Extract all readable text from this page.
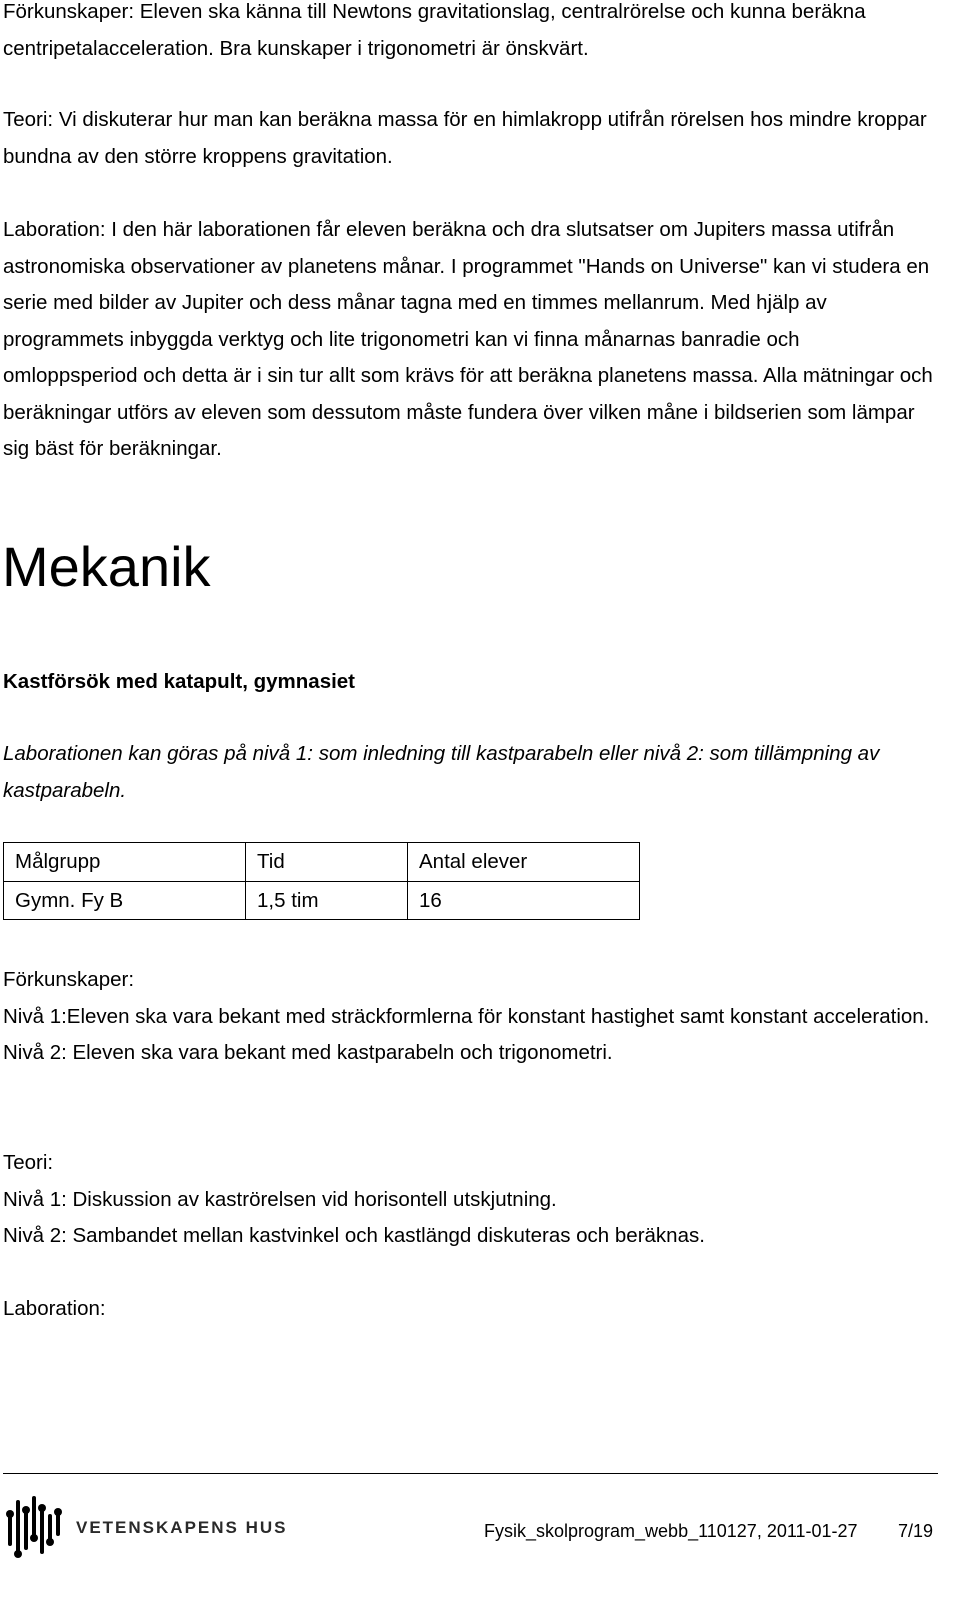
Förkunskaper: Eleven ska känna till Newtons gravitationslag, centralrörelse och kunna beräkna centripetalacceleration. Bra kunskaper i trigonometri är önskvärt.

Teori: Vi diskuterar hur man kan beräkna massa för en himlakropp utifrån rörelsen hos mindre kroppar bundna av den större kroppens gravitation.

Laboration: I den här laborationen får eleven beräkna och dra slutsatser om Jupiters massa utifrån astronomiska observationer av planetens månar. I programmet "Hands on Universe" kan vi studera en serie med bilder av Jupiter och dess månar tagna med en timmes mellanrum. Med hjälp av programmets inbyggda verktyg och lite trigonometri kan vi finna månarnas banradie och omloppsperiod och detta är i sin tur allt som krävs för att beräkna planetens massa. Alla mätningar och beräkningar utförs av eleven som dessutom måste fundera över vilken måne i bildserien som lämpar sig bäst för beräkningar.

Mekanik
Kastförsök med katapult, gymnasiet

Laborationen kan göras på nivå 1: som inledning till kastparabeln eller nivå 2: som tillämpning av kastparabeln.

Målgrupp	Tid	Antal elever
Gymn. Fy B	1,5 tim	16
Förkunskaper:
Nivå 1:Eleven ska vara bekant med sträckformlerna för konstant hastighet samt konstant acceleration.
Nivå 2: Eleven ska vara bekant med kastparabeln och trigonometri.
Teori:
Nivå 1: Diskussion av kaströrelsen vid horisontell utskjutning.
Nivå 2: Sambandet mellan kastvinkel och kastlängd diskuteras och beräknas.
Laboration:
VETENSKAPENS HUS	Fysik_skolprogram_webb_110127, 2011-01-27 7/19
